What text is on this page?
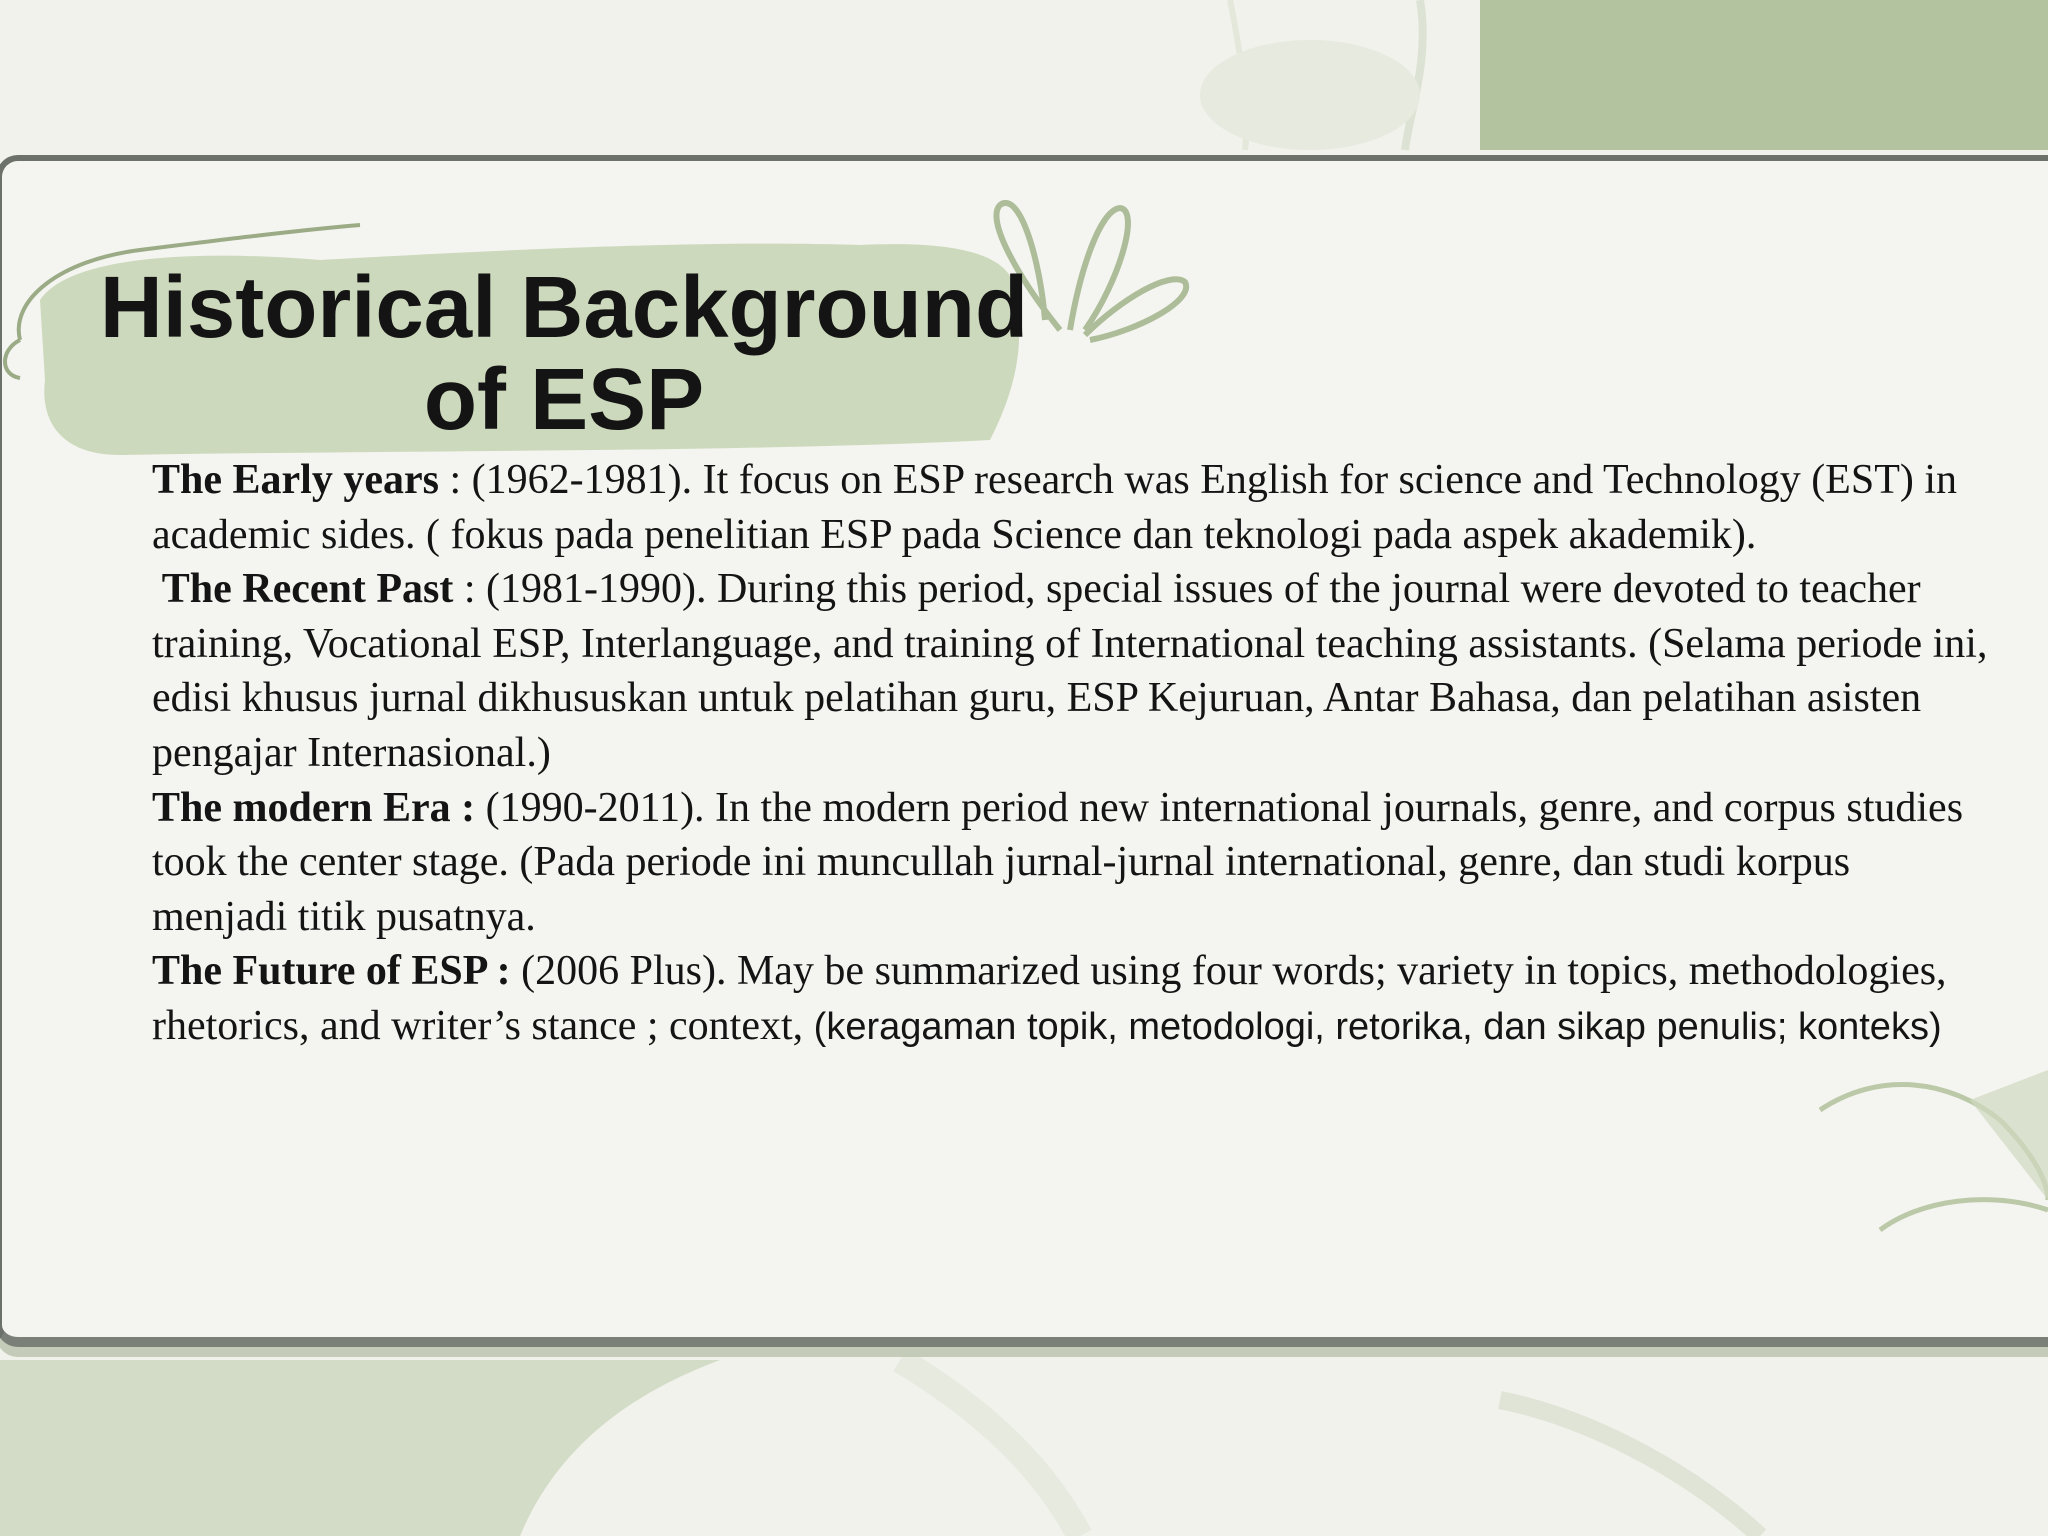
Historical Background
of ESP

The Early years : (1962-1981). It focus on ESP research was English for science and Technology (EST) in academic sides. ( fokus pada penelitian ESP pada Science dan teknologi pada aspek akademik).

The Recent Past : (1981-1990). During this period, special issues of the journal were devoted to teacher training, Vocational ESP, Interlanguage, and training of International teaching assistants. (Selama periode ini, edisi khusus jurnal dikhususkan untuk pelatihan guru, ESP Kejuruan, Antar Bahasa, dan pelatihan asisten pengajar Internasional.)

The modern Era : (1990-2011). In the modern period new international journals, genre, and corpus studies took the center stage. (Pada periode ini muncullah jurnal-jurnal international, genre, dan studi korpus menjadi titik pusatnya.

The Future of ESP : (2006 Plus). May be summarized using four words; variety in topics, methodologies, rhetorics, and writer’s stance ; context, (keragaman topik, metodologi, retorika, dan sikap penulis; konteks)
